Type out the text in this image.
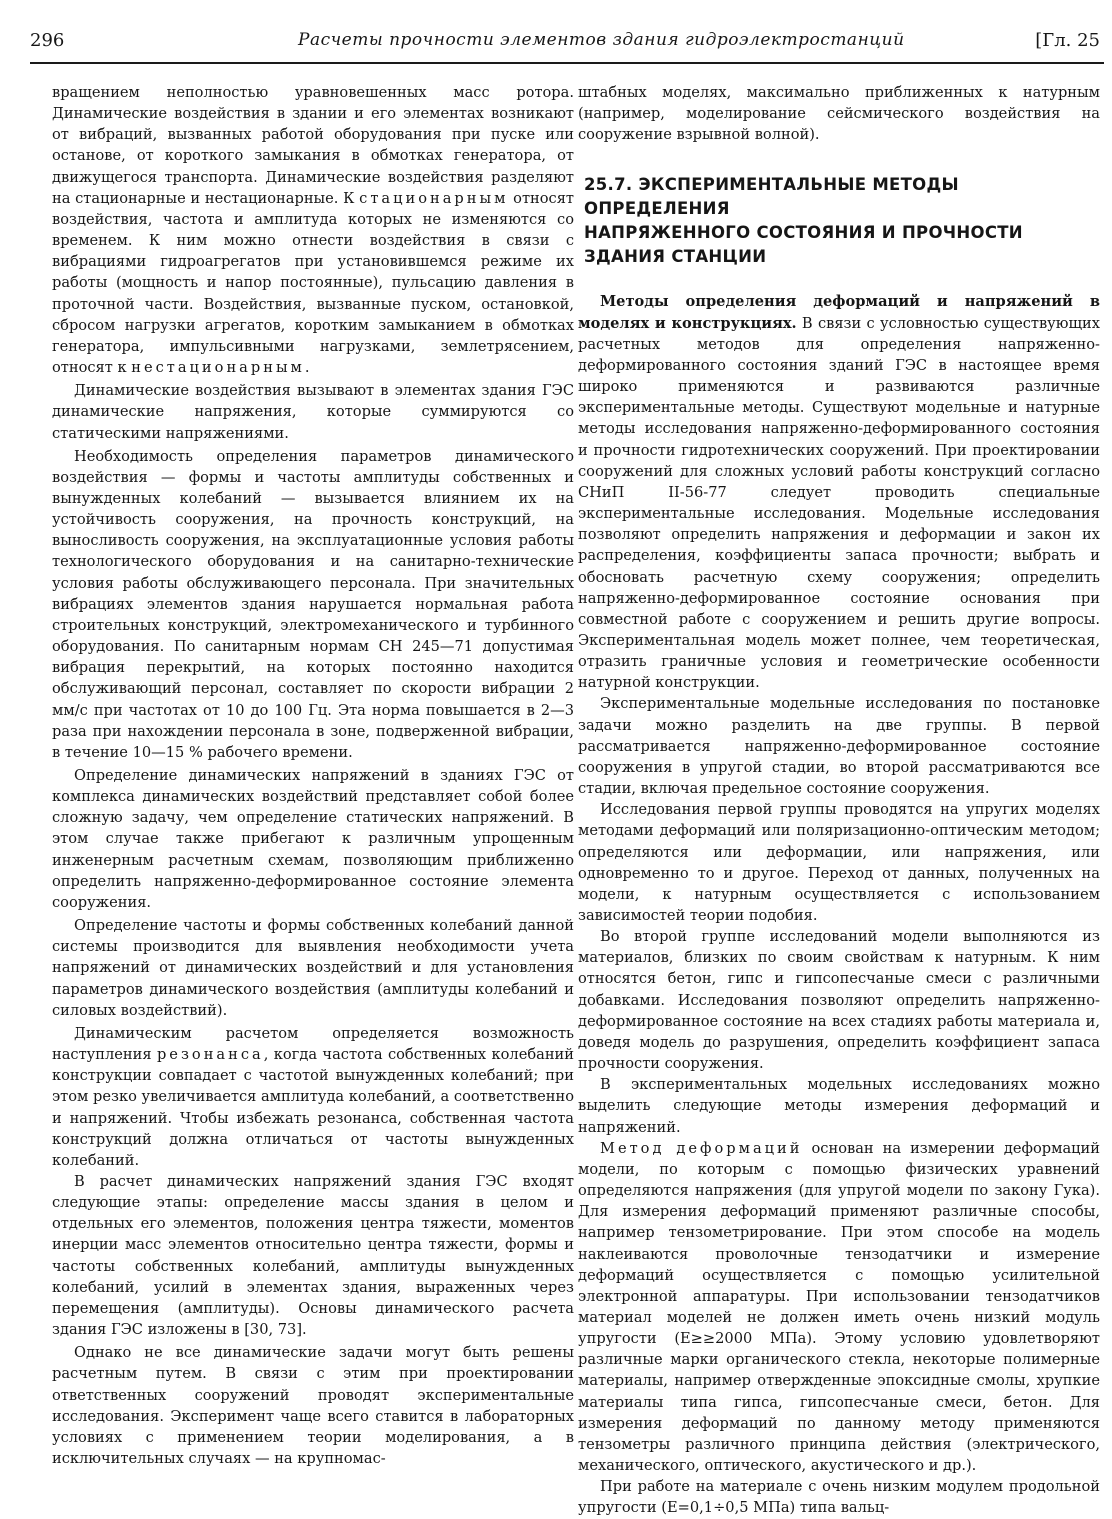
296	Расчеты прочности элементов здания гидроэлектростанций	[Гл. 25

вращением неполностью уравновешенных масс ротора. Динамические воздействия в здании и его элементах возникают от вибраций, вызванных работой оборудования при пуске или останове, от короткого замыкания в обмотках генератора, от движущегося транспорта. Динамические воздействия разделяют на стационарные и нестационарные. К стационарным относят воздействия, частота и амплитуда которых не изменяются со временем. К ним можно отнести воздействия в связи с вибрациями гидроагрегатов при установившемся режиме их работы (мощность и напор постоянные), пульсацию давления в проточной части. Воздействия, вызванные пуском, остановкой, сбросом нагрузки агрегатов, коротким замыканием в обмотках генератора, импульсивными нагрузками, землетрясением, относят к нестационарным.

Динамические воздействия вызывают в элементах здания ГЭС динамические напряжения, которые суммируются со статическими напряжениями.

Необходимость определения параметров динамического воздействия — формы и частоты амплитуды собственных и вынужденных колебаний — вызывается влиянием их на устойчивость сооружения, на прочность конструкций, на выносливость сооружения, на эксплуатационные условия работы технологического оборудования и на санитарно-технические условия работы обслуживающего персонала. При значительных вибрациях элементов здания нарушается нормальная работа строительных конструкций, электромеханического и турбинного оборудования. По санитарным нормам СН 245—71 допустимая вибрация перекрытий, на которых постоянно находится обслуживающий персонал, составляет по скорости вибрации 2 мм/с при частотах от 10 до 100 Гц. Эта норма повышается в 2—3 раза при нахождении персонала в зоне, подверженной вибрации, в течение 10—15 % рабочего времени.

Определение динамических напряжений в зданиях ГЭС от комплекса динамических воздействий представляет собой более сложную задачу, чем определение статических напряжений. В этом случае также прибегают к различным упрощенным инженерным расчетным схемам, позволяющим приближенно определить напряженно-деформированное состояние элемента сооружения.

Определение частоты и формы собственных колебаний данной системы производится для выявления необходимости учета напряжений от динамических воздействий и для установления параметров динамического воздействия (амплитуды колебаний и силовых воздействий).

Динамическим расчетом определяется возможность наступления резонанса, когда частота собственных колебаний конструкции совпадает с частотой вынужденных колебаний; при этом резко увеличивается амплитуда колебаний, а соответственно и напряжений. Чтобы избежать резонанса, собственная частота конструкций должна отличаться от частоты вынужденных колебаний.

В расчет динамических напряжений здания ГЭС входят следующие этапы: определение массы здания в целом и отдельных его элементов, положения центра тяжести, моментов инерции масс элементов относительно центра тяжести, формы и частоты собственных колебаний, амплитуды вынужденных колебаний, усилий в элементах здания, выраженных через перемещения (амплитуды). Основы динамического расчета здания ГЭС изложены в [30, 73].

Однако не все динамические задачи могут быть решены расчетным путем. В связи с этим при проектировании ответственных сооружений проводят экспериментальные исследования. Эксперимент чаще всего ставится в лабораторных условиях с применением теории моделирования, а в исключительных случаях — на крупномас-

штабных моделях, максимально приближенных к натурным (например, моделирование сейсмического воздействия на сооружение взрывной волной).

25.7. ЭКСПЕРИМЕНТАЛЬНЫЕ МЕТОДЫ ОПРЕДЕЛЕНИЯ
НАПРЯЖЕННОГО СОСТОЯНИЯ И ПРОЧНОСТИ
ЗДАНИЯ СТАНЦИИ

Методы определения деформаций и напряжений в моделях и конструкциях. В связи с условностью существующих расчетных методов для определения напряженно-деформированного состояния зданий ГЭС в настоящее время широко применяются и развиваются различные экспериментальные методы. Существуют модельные и натурные методы исследования напряженно-деформированного состояния и прочности гидротехнических сооружений. При проектировании сооружений для сложных условий работы конструкций согласно СНиП II-56-77 следует проводить специальные экспериментальные исследования. Модельные исследования позволяют определить напряжения и деформации и закон их распределения, коэффициенты запаса прочности; выбрать и обосновать расчетную схему сооружения; определить напряженно-деформированное состояние основания при совместной работе с сооружением и решить другие вопросы. Экспериментальная модель может полнее, чем теоретическая, отразить граничные условия и геометрические особенности натурной конструкции.

Экспериментальные модельные исследования по постановке задачи можно разделить на две группы. В первой рассматривается напряженно-деформированное состояние сооружения в упругой стадии, во второй рассматриваются все стадии, включая предельное состояние сооружения.

Исследования первой группы проводятся на упругих моделях методами деформаций или поляризационно-оптическим методом; определяются или деформации, или напряжения, или одновременно то и другое. Переход от данных, полученных на модели, к натурным осуществляется с использованием зависимостей теории подобия.

Во второй группе исследований модели выполняются из материалов, близких по своим свойствам к натурным. К ним относятся бетон, гипс и гипсопесчаные смеси с различными добавками. Исследования позволяют определить напряженно-деформированное состояние на всех стадиях работы материала и, доведя модель до разрушения, определить коэффициент запаса прочности сооружения.

В экспериментальных модельных исследованиях можно выделить следующие методы измерения деформаций и напряжений.

Метод деформаций основан на измерении деформаций модели, по которым с помощью физических уравнений определяются напряжения (для упругой модели по закону Гука). Для измерения деформаций применяют различные способы, например тензометрирование. При этом способе на модель наклеиваются проволочные тензодатчики и измерение деформаций осуществляется с помощью усилительной электронной аппаратуры. При использовании тензодатчиков материал моделей не должен иметь очень низкий модуль упругости (E≥≥2000 МПа). Этому условию удовлетворяют различные марки органического стекла, некоторые полимерные материалы, например отвержденные эпоксидные смолы, хрупкие материалы типа гипса, гипсопесчаные смеси, бетон. Для измерения деформаций по данному методу применяются тензометры различного принципа действия (электрического, механического, оптического, акустического и др.).

При работе на материале с очень низким модулем продольной упругости (E=0,1÷0,5 МПа) типа вальц-
